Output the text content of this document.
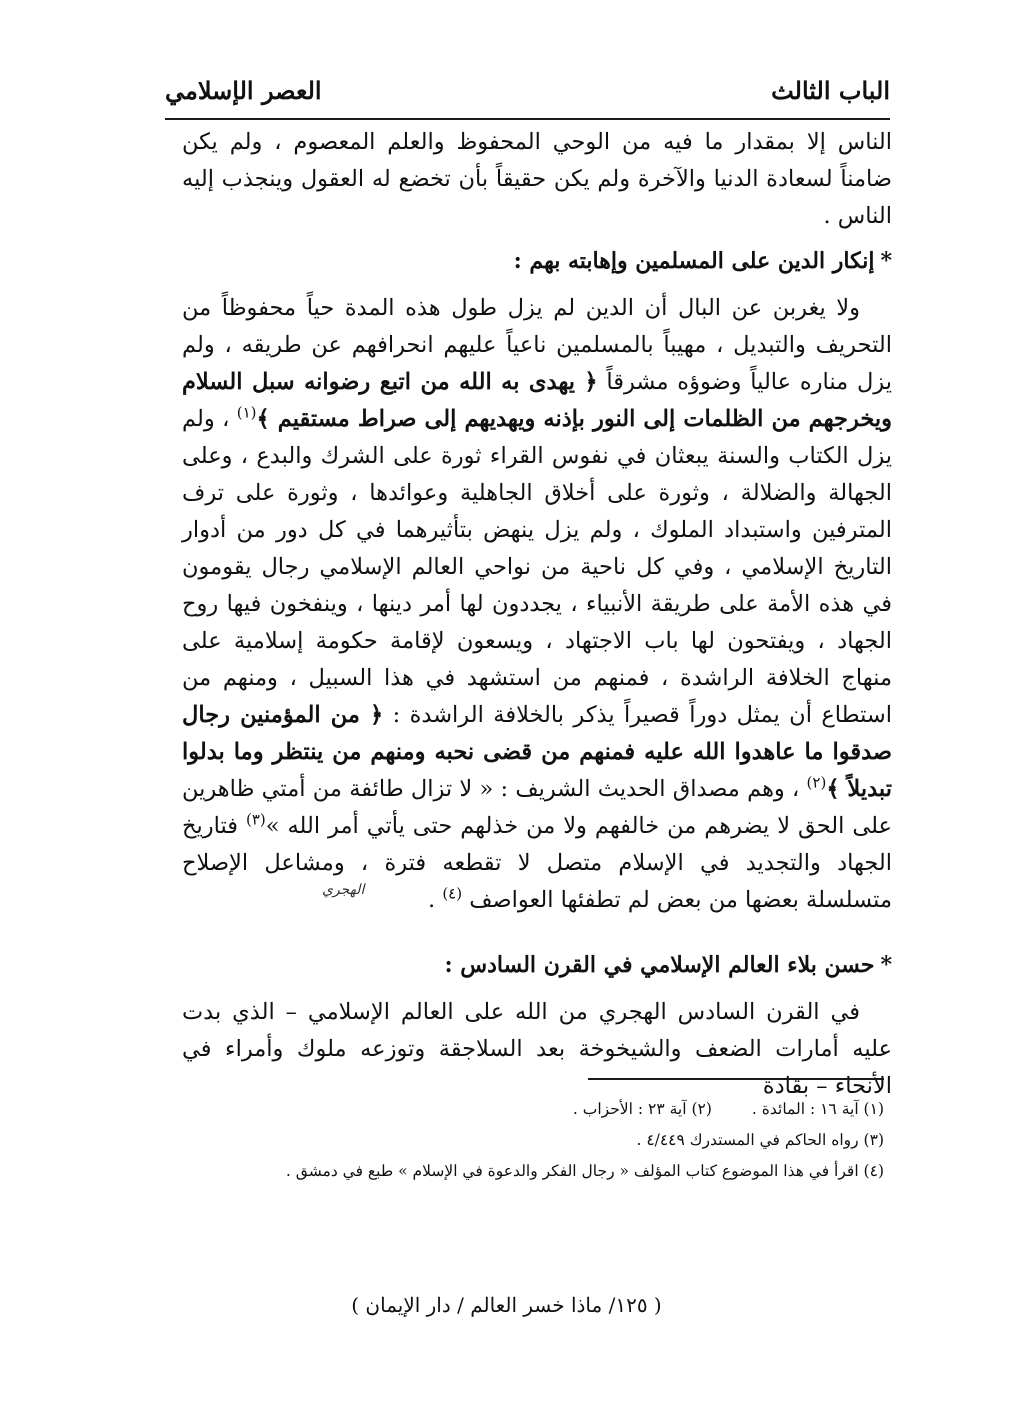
الباب الثالث
العصر الإسلامي

الناس إلا بمقدار ما فيه من الوحي المحفوظ والعلم المعصوم ، ولم يكن ضامناً لسعادة الدنيا والآخرة ولم يكن حقيقاً بأن تخضع له العقول وينجذب إليه الناس .

*إنكار الدين على المسلمين وإهابته بهم :

ولا يغربن عن البال أن الدين لم يزل طول هذه المدة حياً محفوظاً من التحريف والتبديل ، مهيباً بالمسلمين ناعياً عليهم انحرافهم عن طريقه ، ولم يزل مناره عالياً وضوؤه مشرقاً ﴿ يهدى به الله من اتبع رضوانه سبل السلام ويخرجهم من الظلمات إلى النور بإذنه ويهديهم إلى صراط مستقيم ﴾$^{(١)}$ ، ولم يزل الكتاب والسنة يبعثان في نفوس القراء ثورة على الشرك والبدع ، وعلى الجهالة والضلالة ، وثورة على أخلاق الجاهلية وعوائدها ، وثورة على ترف المترفين واستبداد الملوك ، ولم يزل ينهض بتأثيرهما في كل دور من أدوار التاريخ الإسلامي ، وفي كل ناحية من نواحي العالم الإسلامي رجال يقومون في هذه الأمة على طريقة الأنبياء ، يجددون لها أمر دينها ، وينفخون فيها روح الجهاد ، ويفتحون لها باب الاجتهاد ، ويسعون لإقامة حكومة إسلامية على منهاج الخلافة الراشدة ، فمنهم من استشهد في هذا السبيل ، ومنهم من استطاع أن يمثل دوراً قصيراً يذكر بالخلافة الراشدة : ﴿ من المؤمنين رجال صدقوا ما عاهدوا الله عليه فمنهم من قضى نحبه ومنهم من ينتظر وما بدلوا تبديلاً ﴾$^{(٢)}$ ، وهم مصداق الحديث الشريف : « لا تزال طائفة من أمتي ظاهرين على الحق لا يضرهم من خالفهم ولا من خذلهم حتى يأتي أمر الله »$^{(٣)}$ فتاريخ الجهاد والتجديد في الإسلام متصل لا تقطعه فترة ، ومشاعل الإصلاح متسلسلة بعضها من بعض لم تطفئها العواصف $^{(٤)}$ .

*حسن بلاء العالم الإسلامي في القرن السادس :

في القرن السادس الهجري من الله على العالم الإسلامي – الذي بدت عليه أمارات الضعف والشيخوخة بعد السلاجقة وتوزعه ملوك وأمراء في الأنحاء – بقادة

الهجري
(١) آية ١٦ : المائدة .(٢) آية ٢٣ : الأحزاب .
(٣) رواه الحاكم في المستدرك ٤/٤٤٩ .
(٤) اقرأ في هذا الموضوع كتاب المؤلف « رجال الفكر والدعوة في الإسلام » طبع في دمشق .
( ١٢٥/ ماذا خسر العالم / دار الإيمان )
